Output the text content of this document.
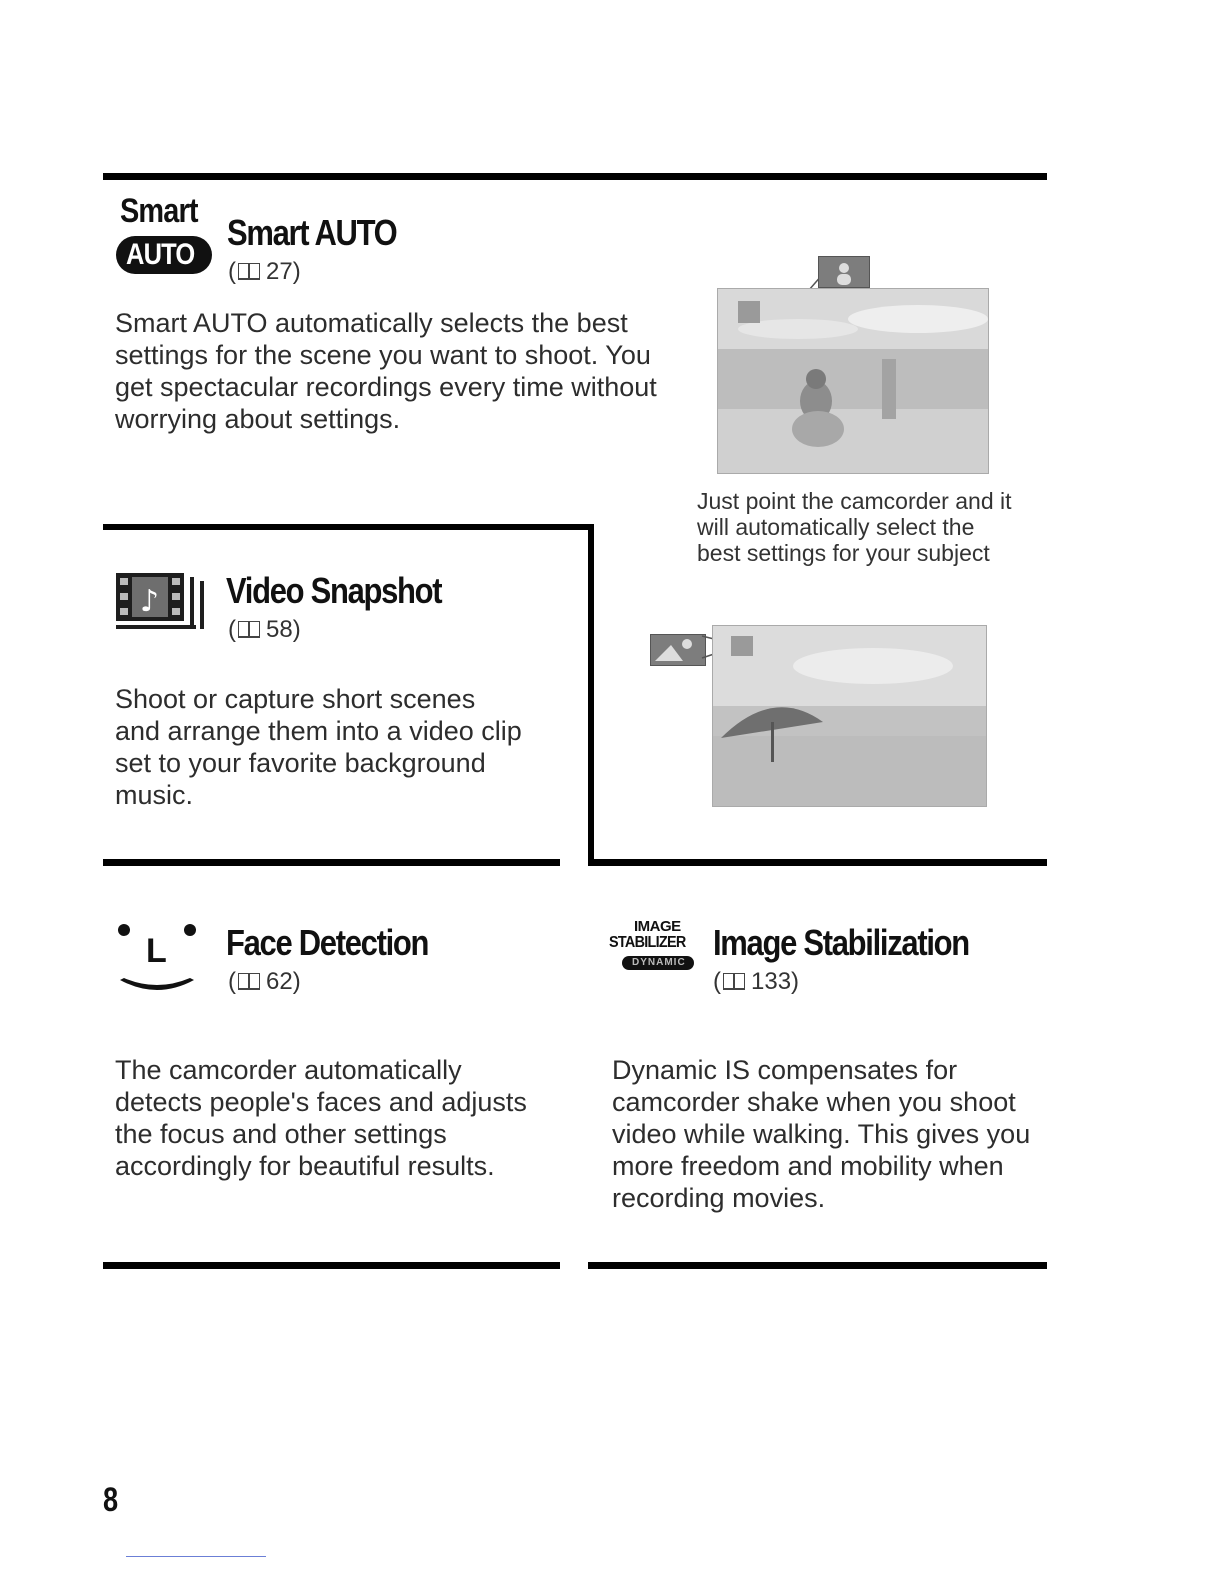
Smart
AUTO
Smart AUTO
( 27)
Smart AUTO automatically selects the best settings for the scene you want to shoot. You get spectacular recordings every time without worrying about settings.
Just point the camcorder and it will automatically select the best settings for your subject
♪ Video Snapshot
( 58)
Shoot or capture short scenes and arrange them into a video clip set to your favorite background music.
L Face Detection
( 62)
The camcorder automatically detects people's faces and adjusts the focus and other settings accordingly for beautiful results.
IMAGE
STABILIZER
DYNAMIC Image Stabilization
( 133)
Dynamic IS compensates for camcorder shake when you shoot video while walking. This gives you more freedom and mobility when recording movies.
8
